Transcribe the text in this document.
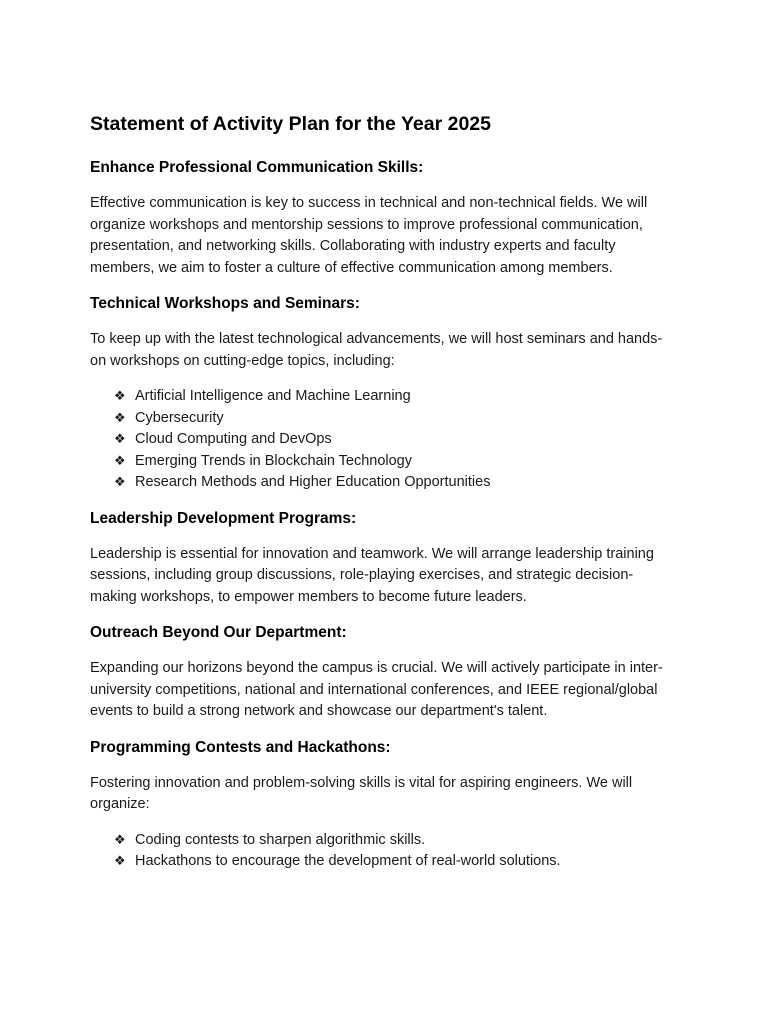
Statement of Activity Plan for the Year 2025
Enhance Professional Communication Skills:

Effective communication is key to success in technical and non-technical fields. We will organize workshops and mentorship sessions to improve professional communication, presentation, and networking skills. Collaborating with industry experts and faculty members, we aim to foster a culture of effective communication among members.

Technical Workshops and Seminars:

To keep up with the latest technological advancements, we will host seminars and hands-on workshops on cutting-edge topics, including:

❖ Artificial Intelligence and Machine Learning
❖ Cybersecurity
❖ Cloud Computing and DevOps
❖ Emerging Trends in Blockchain Technology
❖ Research Methods and Higher Education Opportunities
Leadership Development Programs:

Leadership is essential for innovation and teamwork. We will arrange leadership training sessions, including group discussions, role-playing exercises, and strategic decision-making workshops, to empower members to become future leaders.

Outreach Beyond Our Department:

Expanding our horizons beyond the campus is crucial. We will actively participate in inter-university competitions, national and international conferences, and IEEE regional/global events to build a strong network and showcase our department's talent.

Programming Contests and Hackathons:

Fostering innovation and problem-solving skills is vital for aspiring engineers. We will organize:

❖ Coding contests to sharpen algorithmic skills.
❖ Hackathons to encourage the development of real-world solutions.
